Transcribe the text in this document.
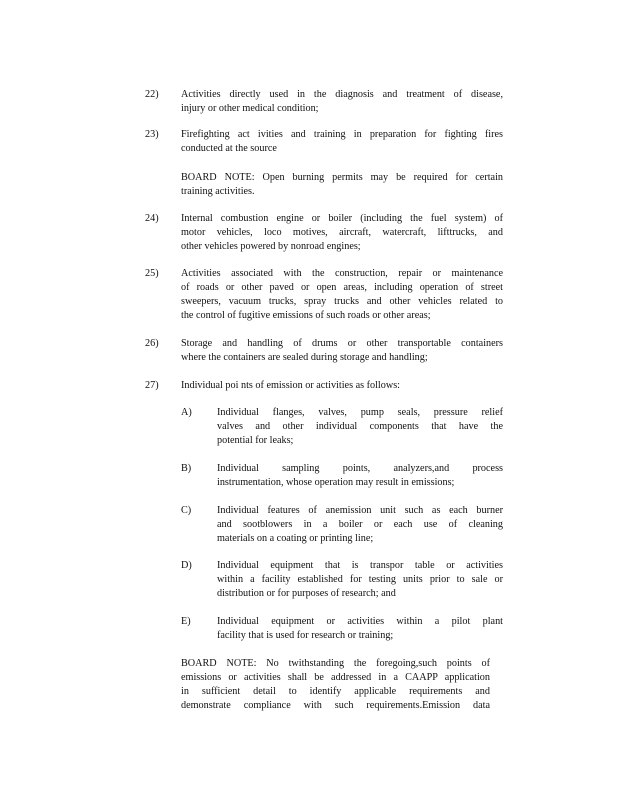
22) Activities directly used in the diagnosis and treatment of disease,
injury or other medical condition;
23) Firefighting act ivities and training in preparation for fighting fires
conducted at the source
BOARD NOTE: Open burning permits may be required for certain
training activities.
24) Internal combustion engine or boiler (including the fuel system) of
motor vehicles, loco motives, aircraft, watercraft, lifttrucks, and
other vehicles powered by nonroad engines;
25) Activities associated with the construction, repair or maintenance
of roads or other paved or open areas, including operation of street
sweepers, vacuum trucks, spray trucks and other vehicles related to
the control of fugitive emissions of such roads or other areas;
26) Storage and handling of drums or other transportable containers
where the containers are sealed during storage and handling;
27) Individual poi nts of emission or activities as follows:
A) Individual flanges, valves, pump seals, pressure relief
valves and other individual components that have the
potential for leaks;
B)	Individual sampling points, analyzers,and process
instrumentation, whose operation may result in emissions;
C)	Individual features of anemission unit such as each burner
and sootblowers in a boiler or each use of cleaning
materials on a coating or printing line;
D) Individual equipment that is transpor table or activities
within a facility established for testing units prior to sale or
distribution or for purposes of research; and
E)	Individual equipment or activities within a pilot plant
facility that is used for research or training;
BOARD NOTE: No twithstanding the foregoing,such points of
emissions or activities shall be addressed in a CAAPP application
in sufficient detail to identify applicable requirements and
demonstrate compliance with such requirements.Emission data
